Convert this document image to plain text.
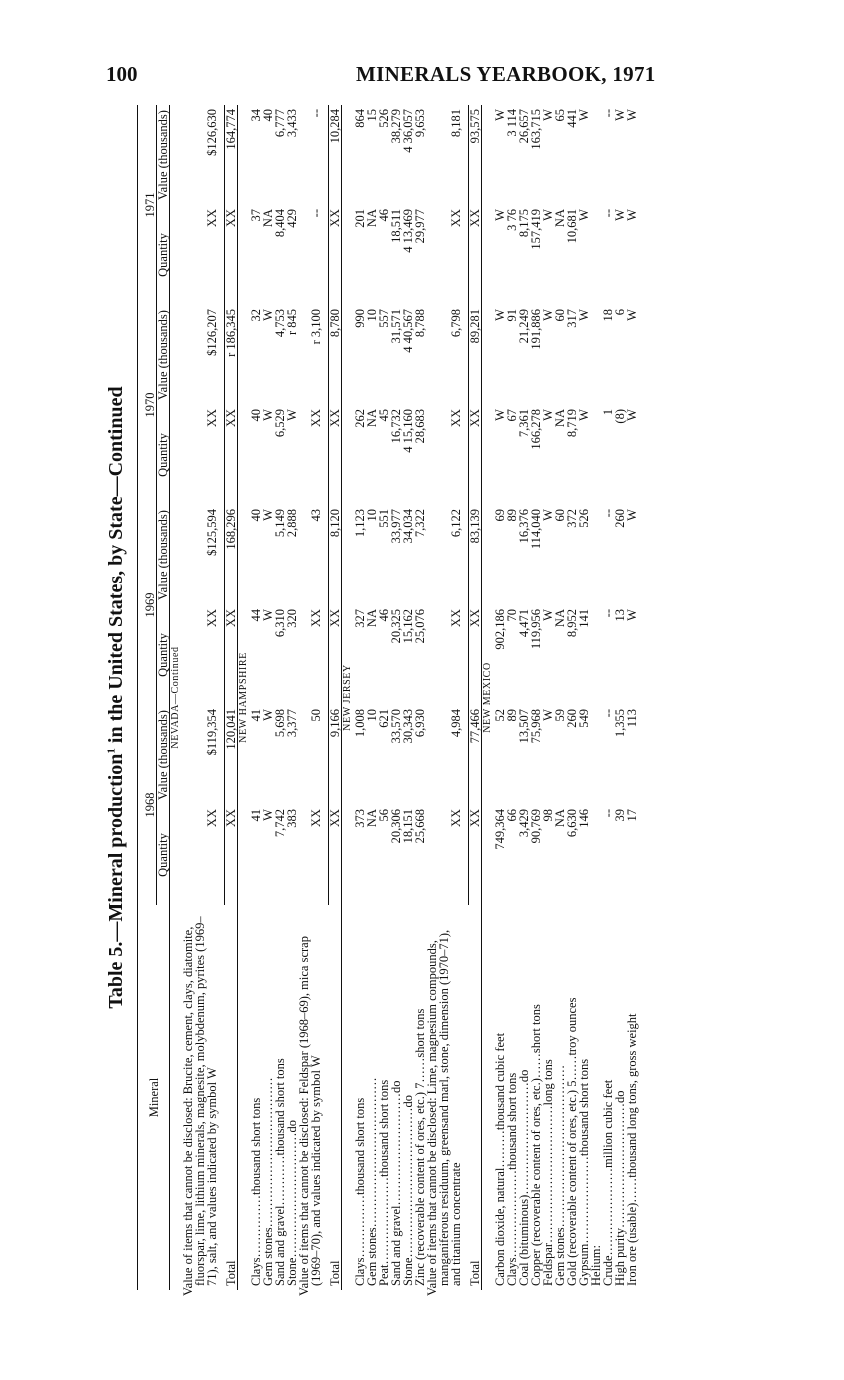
100	MINERALS YEARBOOK, 1971
Table 5.—Mineral production$^1$ in the United States, by State—Continued
Mineral	1968		1969		1970		1971	
	Quantity	Value (thousands)	Quantity	Value (thousands)	Quantity	Value (thousands)	Quantity	Value (thousands)
NEVADA—Continued								
Value of items that cannot be disclosed: Brucite, cement, clays, diatomite, fluorspar, lime, lithium minerals, magnesite, molybdenum, pyrites (1969–71), salt, and values indicated by symbol W	XX	$119,354	XX	$125,594	XX	$126,207	XX	$126,630

Total	XX	120,041	XX	168,296	XX	r 186,345	XX	164,774
NEW HAMPSHIRE								
Clays……………thousand short tons	41	41	44	40	40	32	37	34
Gem stones………………………………	W	W	W	W	W	W	NA	40
Sand and gravel…………thousand short tons	7,742	5,698	6,310	5,149	6,529	4,753	8,404	6,777
Stone…………………………do	383	3,377	320	2,888	W	r 845	429	3,433
Value of items that cannot be disclosed: Feldspar (1968–69), mica scrap (1969–70), and values indicated by symbol W	XX	50	XX	43	XX	r 3,100	--	--

Total	XX	9,166	XX	8,120	XX	8,780	XX	10,284
NEW JERSEY								
Clays……………thousand short tons	373	1,008	327	1,123	262	990	201	864
Gem stones………………………………	NA	10	NA	10	NA	10	NA	15
Peat…………………thousand short tons	56	621	46	551	45	557	46	526
Sand and gravel………………………do	20,306	33,570	20,325	33,977	16,732	31,571	18,511	38,279
Stone………………………………do	18,151	30,343	15,162	34,034	4 15,160	4 40,567	4 13,469	4 36,057
Zinc (recoverable content of ores, etc.) 7……short tons	25,668	6,930	25,076	7,322	28,683	8,788	29,977	9,653
Value of items that cannot be disclosed: Lime, magnesium compounds, manganiferous residuum, greensand marl, stone, dimension (1970–71), and titanium concentrate	XX	4,984	XX	6,122	XX	6,798	XX	8,181

Total	XX	77,466	XX	83,139	XX	89,281	XX	93,575
NEW MEXICO								
Carbon dioxide, natural………thousand cubic feet	749,364	52	902,186	69	W	W	W	W
Clays…………………thousand short tons	66	89	70	89	67	91	3 76	3 114
Coal (bituminous)………………………do	3,429	13,507	4,471	16,376	7,361	21,249	8,175	26,657
Copper (recoverable content of ores, etc.)……short tons	90,769	75,968	119,956	114,040	166,278	191,886	157,419	163,715
Feldspar……………………………long tons	98	W	W	W	W	W	W	W
Gem stones…………………………………	NA	59	NA	60	NA	60	NA	65
Gold (recoverable content of ores, etc.) 5……troy ounces	6,630	260	8,952	372	8,719	317	10,681	441
Gypsum…………………thousand short tons	146	549	141	526	W	W	W	W
Helium:								
Crude…………………million cubic feet	--	--	--	--	1	18	--	--
High purity…………………………do	39	1,355	13	260	(8)	6	W	W
Iron ore (usable)……thousand long tons, gross weight	17	113	W	W	W	W	W	W
